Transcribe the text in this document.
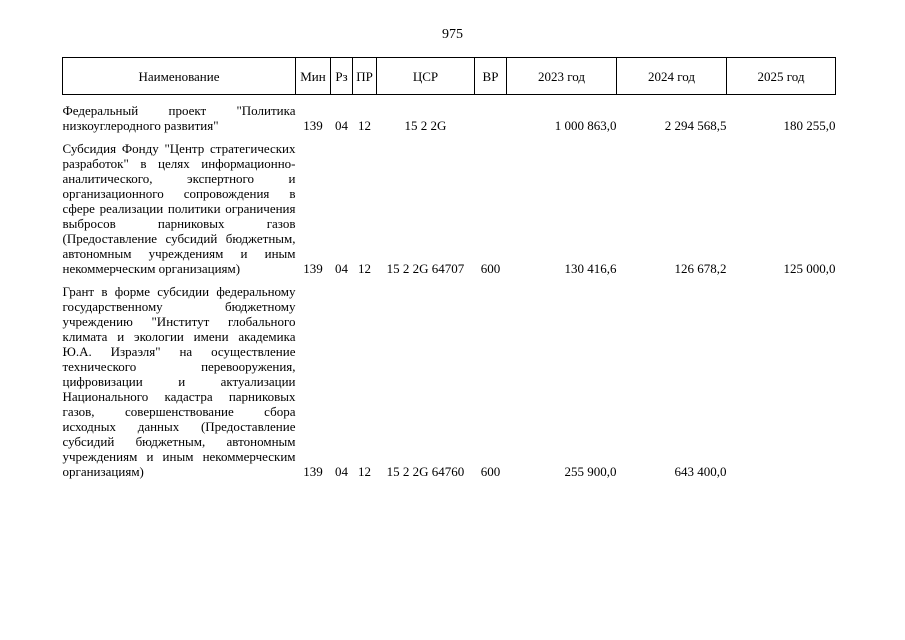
975
Наименование	Мин	Рз	ПР	ЦСР	ВР	2023 год	2024 год	2025 год

Федеральный проект "Политика низкоуглеродного развития"	139	04	12	15 2 2G		1 000 863,0	2 294 568,5	180 255,0

Субсидия Фонду "Центр стратегических разработок" в целях информационно-аналитического, экспертного и организационного сопровождения в сфере реализации политики ограничения выбросов парниковых газов (Предоставление субсидий бюджетным, автономным учреждениям и иным некоммерческим организациям)	139	04	12	15 2 2G 64707	600	130 416,6	126 678,2	125 000,0

Грант в форме субсидии федеральному государственному бюджетному учреждению "Институт глобального климата и экологии имени академика Ю.А. Израэля" на осуществление технического перевооружения, цифровизации и актуализации Национального кадастра парниковых газов, совершенствование сбора исходных данных (Предоставление субсидий бюджетным, автономным учреждениям и иным некоммерческим организациям)	139	04	12	15 2 2G 64760	600	255 900,0	643 400,0	
